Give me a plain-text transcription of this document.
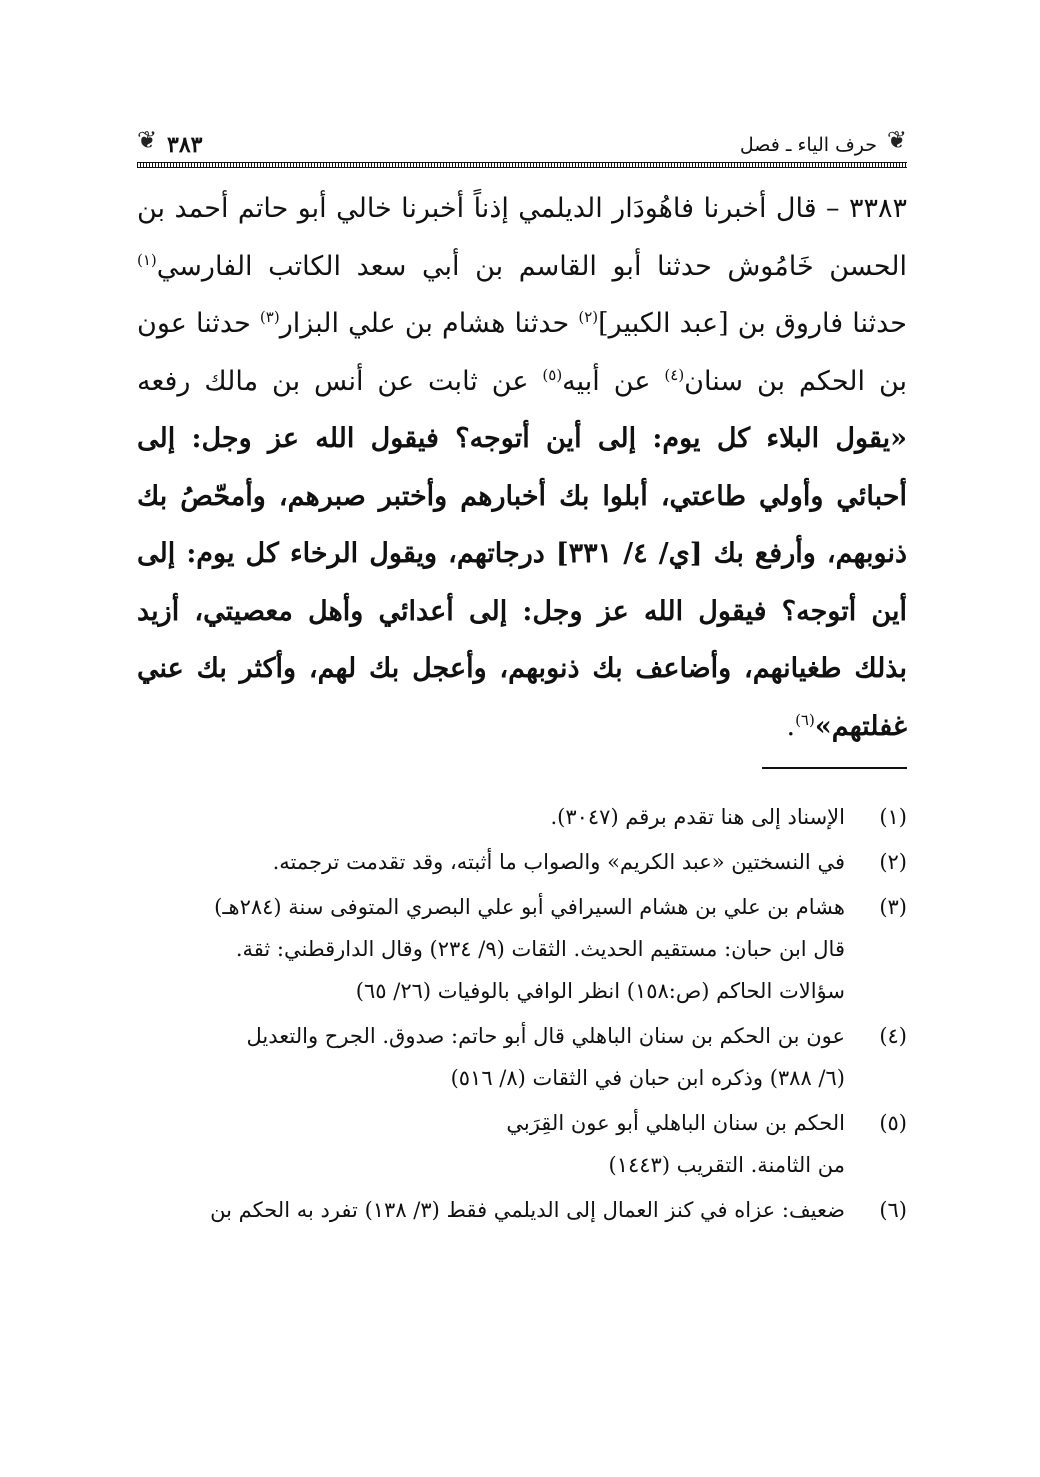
❦ ٣٨٣	حرف الياء ـ فصل ❦

٣٣٨٣ – قال أخبرنا فاهُودَار الديلمي إذناً أخبرنا خالي أبو حاتم أحمد بن الحسن خَامُوش حدثنا أبو القاسم بن أبي سعد الكاتب الفارسي$^{(١)}$ حدثنا فاروق بن [عبد الكبير]$^{(٢)}$ حدثنا هشام بن علي البزار$^{(٣)}$ حدثنا عون بن الحكم بن سنان$^{(٤)}$ عن أبيه$^{(٥)}$ عن ثابت عن أنس بن مالك رفعه «يقول البلاء كل يوم: إلى أين أتوجه؟ فيقول الله عز وجل: إلى أحبائي وأولي طاعتي، أبلوا بك أخبارهم وأختبر صبرهم، وأمحّصُ بك ذنوبهم، وأرفع بك [ي/ ٤/ ٣٣١] درجاتهم، ويقول الرخاء كل يوم: إلى أين أتوجه؟ فيقول الله عز وجل: إلى أعدائي وأهل معصيتي، أزيد بذلك طغيانهم، وأضاعف بك ذنوبهم، وأعجل بك لهم، وأكثر بك عني غفلتهم»$^{(٦)}$.

(١)
الإسناد إلى هنا تقدم برقم (٣٠٤٧).
(٢)
في النسختين «عبد الكريم» والصواب ما أثبته، وقد تقدمت ترجمته.
(٣)
هشام بن علي بن هشام السيرافي أبو علي البصري المتوفى سنة (٢٨٤هـ)
قال ابن حبان: مستقيم الحديث. الثقات (٩/ ٢٣٤) وقال الدارقطني: ثقة.
سؤالات الحاكم (ص:١٥٨) انظر الوافي بالوفيات (٢٦/ ٦٥)
(٤)
عون بن الحكم بن سنان الباهلي قال أبو حاتم: صدوق. الجرح والتعديل
(٦/ ٣٨٨) وذكره ابن حبان في الثقات (٨/ ٥١٦)
(٥)
الحكم بن سنان الباهلي أبو عون القِرَبي
من الثامنة. التقريب (١٤٤٣)
(٦)
ضعيف: عزاه في كنز العمال إلى الديلمي فقط (٣/ ١٣٨) تفرد به الحكم بن
